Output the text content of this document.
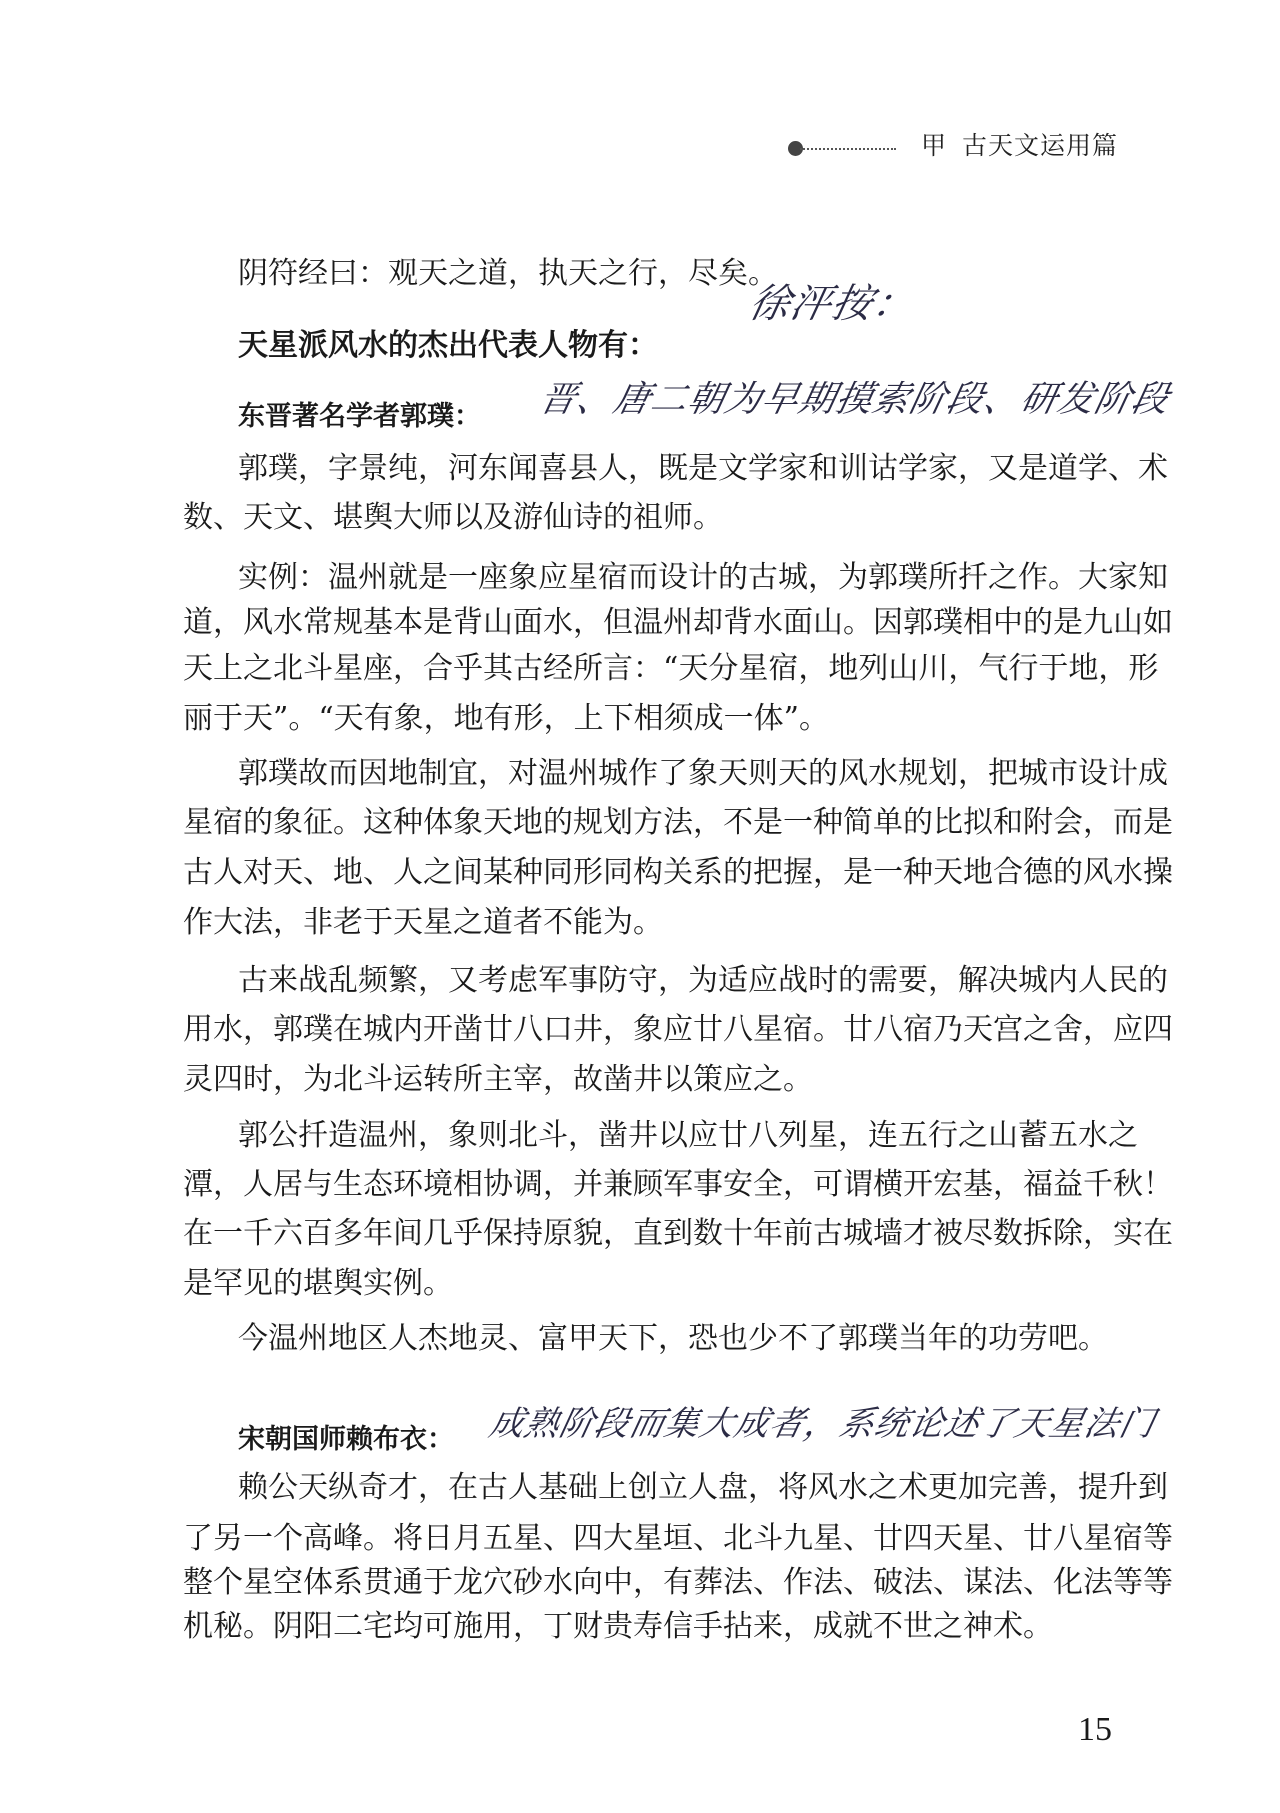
甲 古天文运用篇
阴符经曰：观天之道，执天之行，尽矣。
天星派风水的杰出代表人物有：
徐泙按：
东晋著名学者郭璞： 晋、唐二朝为早期摸索阶段、研发阶段
郭璞，字景纯，河东闻喜县人，既是文学家和训诂学家，又是道学、术
数、天文、堪舆大师以及游仙诗的祖师。
实例：温州就是一座象应星宿而设计的古城，为郭璞所扦之作。大家知
道，风水常规基本是背山面水，但温州却背水面山。因郭璞相中的是九山如
天上之北斗星座，合乎其古经所言：“天分星宿，地列山川，气行于地，形
丽于天”。“天有象，地有形，上下相须成一体”。
郭璞故而因地制宜，对温州城作了象天则天的风水规划，把城市设计成
星宿的象征。这种体象天地的规划方法，不是一种简单的比拟和附会，而是
古人对天、地、人之间某种同形同构关系的把握，是一种天地合德的风水操
作大法，非老于天星之道者不能为。
古来战乱频繁，又考虑军事防守，为适应战时的需要，解决城内人民的
用水，郭璞在城内开凿廿八口井，象应廿八星宿。廿八宿乃天宫之舍，应四
灵四时，为北斗运转所主宰，故凿井以策应之。
郭公扦造温州，象则北斗，凿井以应廿八列星，连五行之山蓄五水之
潭，人居与生态环境相协调，并兼顾军事安全，可谓横开宏基，福益千秋！
在一千六百多年间几乎保持原貌，直到数十年前古城墙才被尽数拆除，实在
是罕见的堪舆实例。
今温州地区人杰地灵、富甲天下，恐也少不了郭璞当年的功劳吧。
宋朝国师赖布衣： 成熟阶段而集大成者，系统论述了天星法门
赖公天纵奇才，在古人基础上创立人盘，将风水之术更加完善，提升到
了另一个高峰。将日月五星、四大星垣、北斗九星、廿四天星、廿八星宿等
整个星空体系贯通于龙穴砂水向中，有葬法、作法、破法、谋法、化法等等
机秘。阴阳二宅均可施用，丁财贵寿信手拈来，成就不世之神术。
15
